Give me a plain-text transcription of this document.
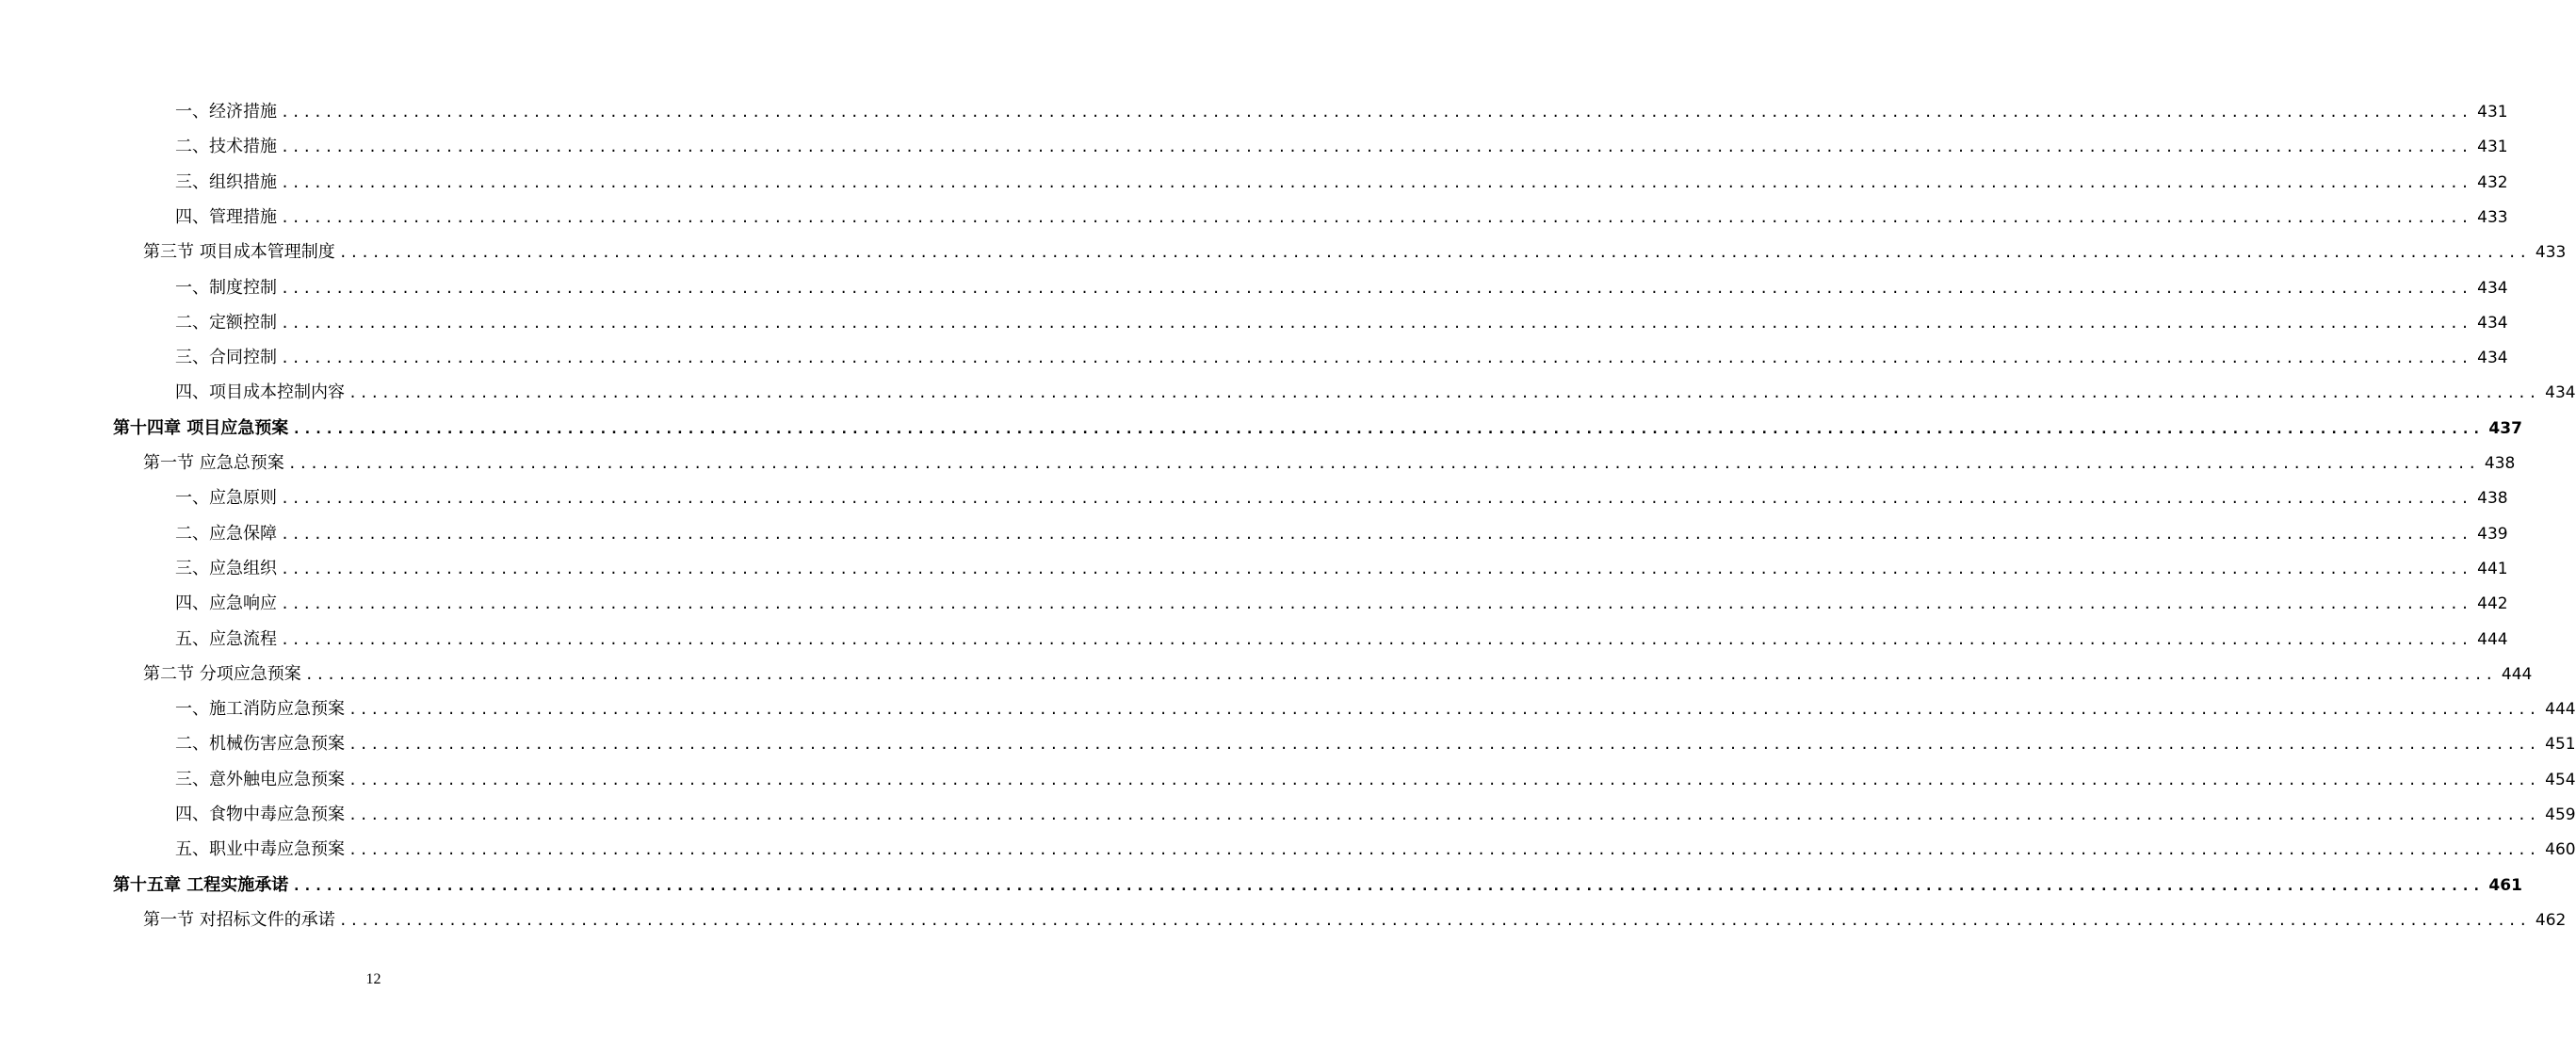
一、经济措施 ........................................................................................................................................................................................................ 431
二、技术措施 ........................................................................................................................................................................................................ 431
三、组织措施 ........................................................................................................................................................................................................ 432
四、管理措施 ........................................................................................................................................................................................................ 433
第三节 项目成本管理制度 ........................................................................................................................................................................................................ 433
一、制度控制 ........................................................................................................................................................................................................ 434
二、定额控制 ........................................................................................................................................................................................................ 434
三、合同控制 ........................................................................................................................................................................................................ 434
四、项目成本控制内容 ........................................................................................................................................................................................................ 434
第十四章 项目应急预案 ........................................................................................................................................................................................................ 437
第一节 应急总预案 ........................................................................................................................................................................................................ 438
一、应急原则 ........................................................................................................................................................................................................ 438
二、应急保障 ........................................................................................................................................................................................................ 439
三、应急组织 ........................................................................................................................................................................................................ 441
四、应急响应 ........................................................................................................................................................................................................ 442
五、应急流程 ........................................................................................................................................................................................................ 444
第二节 分项应急预案 ........................................................................................................................................................................................................ 444
一、施工消防应急预案 ........................................................................................................................................................................................................ 444
二、机械伤害应急预案 ........................................................................................................................................................................................................ 451
三、意外触电应急预案 ........................................................................................................................................................................................................ 454
四、食物中毒应急预案 ........................................................................................................................................................................................................ 459
五、职业中毒应急预案 ........................................................................................................................................................................................................ 460
第十五章 工程实施承诺 ........................................................................................................................................................................................................ 461
第一节 对招标文件的承诺 ........................................................................................................................................................................................................ 462
12
